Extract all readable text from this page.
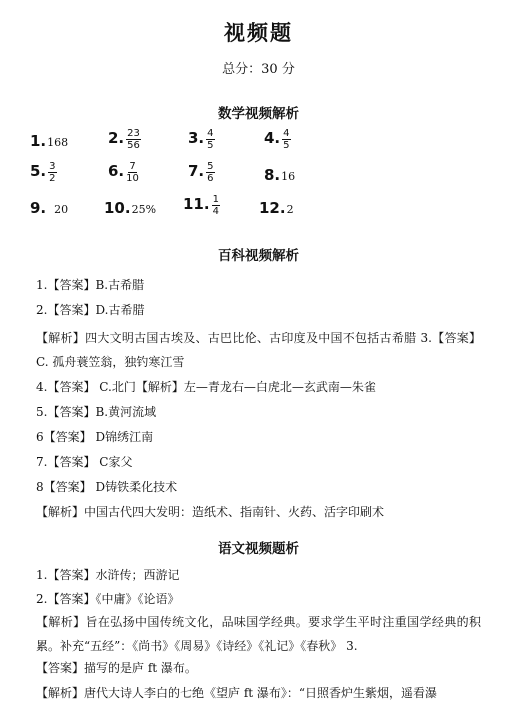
视频题
总分：30 分
数学视频解析
1.168	2. $\frac{23}{56}$	3. $\frac{4}{5}$	4. $\frac{4}{5}$
5. $\frac{3}{2}$	6. $\frac{7}{10}$	7. $\frac{5}{6}$	8.16
9. 20 10.25% 11. $\frac{1}{4}$	12.2
百科视频解析
1.【答案】B.古希腊
2.【答案】D.古希腊
【解析】四大文明古国古埃及、古巴比伦、古印度及中国不包括古希腊 3.【答案】 C. 孤舟蓑笠翁，独钓寒江雪
4.【答案】 C.北门【解析】左—青龙右—白虎北—玄武南—朱雀
5.【答案】B.黄河流域
6【答案】 D锦绣江南
7.【答案】 C家父
8【答案】 D铸铁柔化技术
【解析】中国古代四大发明：造纸术、指南针、火药、活字印刷术
语文视频题析
1.【答案】水浒传；西游记
2.【答案】《中庸》《论语》
【解析】旨在弘扬中国传统文化，品味国学经典。要求学生平时注重国学经典的积累。补充“五经”：《尚书》《周易》《诗经》《礼记》《春秋》 3.
【答案】描写的是庐 ft 瀑布。
【解析】唐代大诗人李白的七绝《望庐 ft 瀑布》：“日照香炉生紫烟，遥看瀑
